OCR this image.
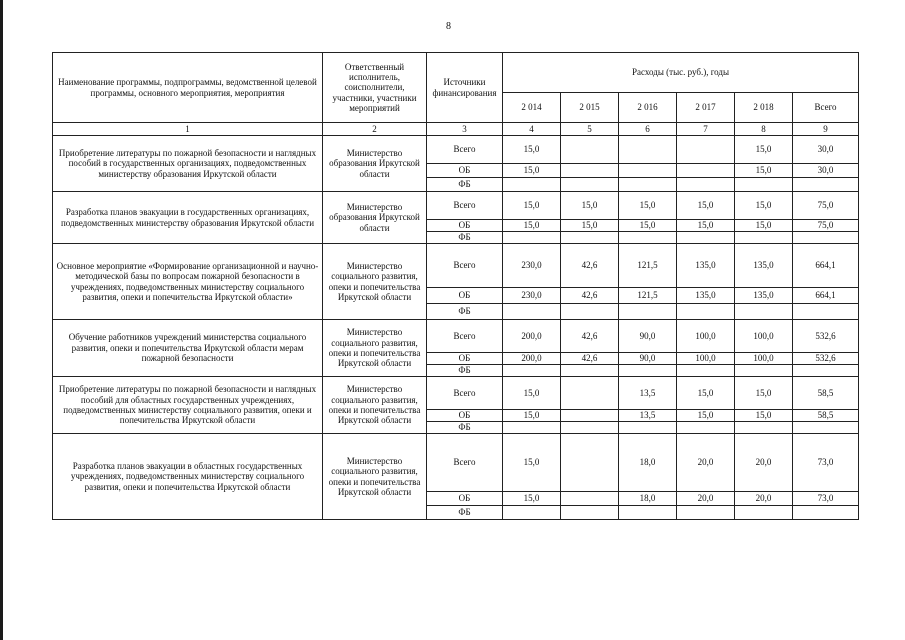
8
Наименование программы, подпрограммы, ведомственной целевой программы, основного мероприятия, мероприятия	Ответственный исполнитель, соисполнители, участники, участники мероприятий	Источники финансирования	Расходы (тыс. руб.), годы					
			2 014	2 015	2 016	2 017	2 018	Всего
1	2	3	4	5	6	7	8	9
Приобретение литературы по пожарной безопасности и наглядных пособий в государственных организациях, подведомственных министерству образования Иркутской области	Министерство образования Иркутской области	Всего	15,0				15,0	30,0
		ОБ	15,0				15,0	30,0
		ФБ						
Разработка планов эвакуации в государственных организациях, подведомственных министерству образования Иркутской области	Министерство образования Иркутской области	Всего	15,0	15,0	15,0	15,0	15,0	75,0
		ОБ	15,0	15,0	15,0	15,0	15,0	75,0
		ФБ						
Основное мероприятие «Формирование организационной и научно-методической базы по вопросам пожарной безопасности в учреждениях, подведомственных министерству социального развития, опеки и попечительства Иркутской области»	Министерство социального развития, опеки и попечительства Иркутской области	Всего	230,0	42,6	121,5	135,0	135,0	664,1
		ОБ	230,0	42,6	121,5	135,0	135,0	664,1
		ФБ						
Обучение работников учреждений министерства социального развития, опеки и попечительства Иркутской области мерам пожарной безопасности	Министерство социального развития, опеки и попечительства Иркутской области	Всего	200,0	42,6	90,0	100,0	100,0	532,6
		ОБ	200,0	42,6	90,0	100,0	100,0	532,6
		ФБ						
Приобретение литературы по пожарной безопасности и наглядных пособий для областных государственных учреждениях, подведомственных министерству социального развития, опеки и попечительства Иркутской области	Министерство социального развития, опеки и попечительства Иркутской области	Всего	15,0		13,5	15,0	15,0	58,5
		ОБ	15,0		13,5	15,0	15,0	58,5
		ФБ						
Разработка планов эвакуации в областных государственных учреждениях, подведомственных министерству социального развития, опеки и попечительства Иркутской области	Министерство социального развития, опеки и попечительства Иркутской области	Всего	15,0		18,0	20,0	20,0	73,0
		ОБ	15,0		18,0	20,0	20,0	73,0
		ФБ						
